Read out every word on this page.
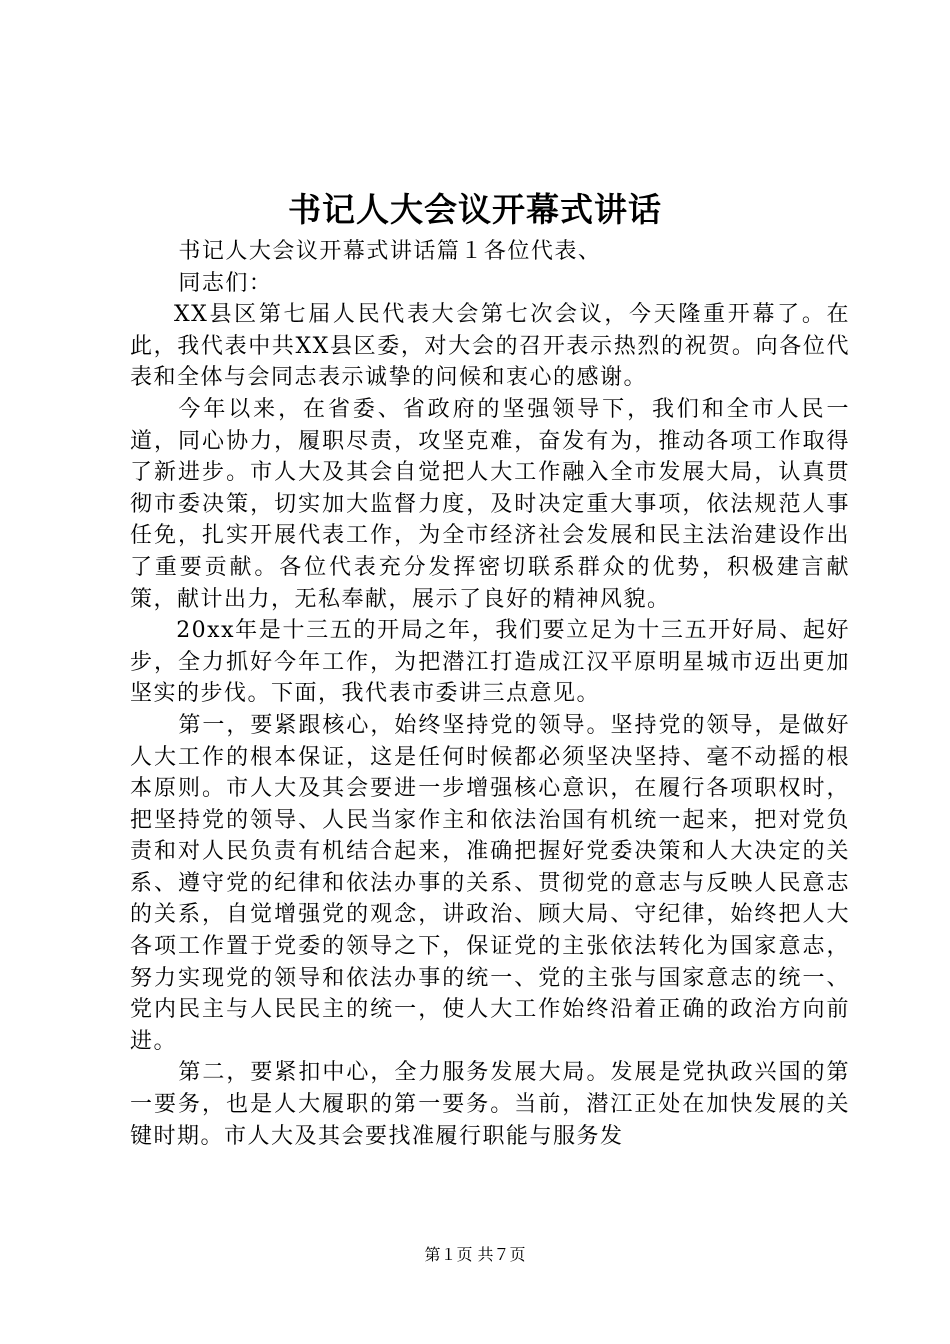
书记人大会议开幕式讲话

书记人大会议开幕式讲话篇１各位代表、

同志们：

XX县区第七届人民代表大会第七次会议，今天隆重开幕了。在此，我代表中共XX县区委，对大会的召开表示热烈的祝贺。向各位代表和全体与会同志表示诚挚的问候和衷心的感谢。

今年以来，在省委、省政府的坚强领导下，我们和全市人民一道，同心协力，履职尽责，攻坚克难，奋发有为，推动各项工作取得了新进步。市人大及其会自觉把人大工作融入全市发展大局，认真贯彻市委决策，切实加大监督力度，及时决定重大事项，依法规范人事任免，扎实开展代表工作，为全市经济社会发展和民主法治建设作出了重要贡献。各位代表充分发挥密切联系群众的优势，积极建言献策，献计出力，无私奉献，展示了良好的精神风貌。

20xx年是十三五的开局之年，我们要立足为十三五开好局、起好步，全力抓好今年工作，为把潜江打造成江汉平原明星城市迈出更加坚实的步伐。下面，我代表市委讲三点意见。

第一，要紧跟核心，始终坚持党的领导。坚持党的领导，是做好人大工作的根本保证，这是任何时候都必须坚决坚持、毫不动摇的根本原则。市人大及其会要进一步增强核心意识，在履行各项职权时，把坚持党的领导、人民当家作主和依法治国有机统一起来，把对党负责和对人民负责有机结合起来，准确把握好党委决策和人大决定的关系、遵守党的纪律和依法办事的关系、贯彻党的意志与反映人民意志的关系，自觉增强党的观念，讲政治、顾大局、守纪律，始终把人大各项工作置于党委的领导之下，保证党的主张依法转化为国家意志，努力实现党的领导和依法办事的统一、党的主张与国家意志的统一、党内民主与人民民主的统一，使人大工作始终沿着正确的政治方向前进。

第二，要紧扣中心，全力服务发展大局。发展是党执政兴国的第一要务，也是人大履职的第一要务。当前，潜江正处在加快发展的关键时期。市人大及其会要找准履行职能与服务发

第１页 共７页
